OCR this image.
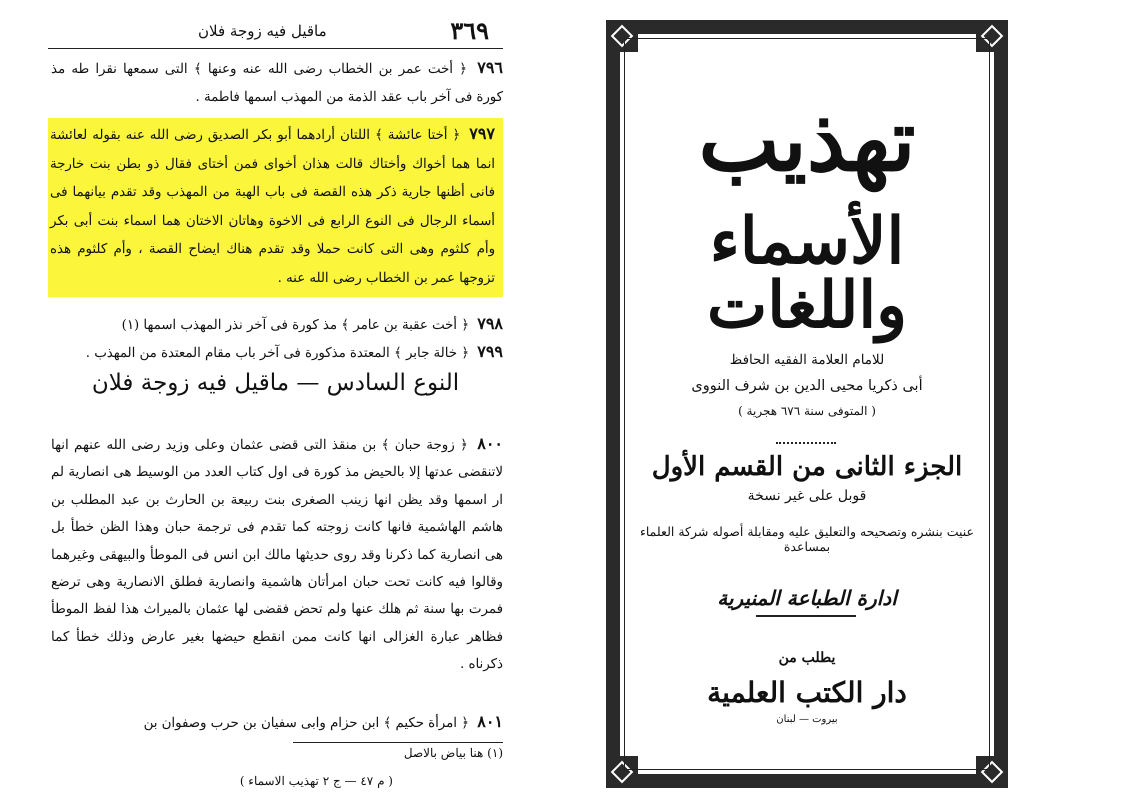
٣٦٩
ماقيل فيه زوجة فلان
٧٩٦ ﴿ أخت عمر بن الخطاب رضى الله عنه وعنها ﴾ التى سمعها نقرا طه مذ كورة فى آخر باب عقد الذمة من المهذب اسمها فاطمة .
٧٩٧ ﴿ أختا عائشة ﴾ اللتان أرادهما أبو بكر الصديق رضى الله عنه بقوله لعائشة انما هما أخواك وأختاك قالت هذان أخواى فمن أختاى فقال ذو بطن بنت خارجة فانى أظنها جارية ذكر هذه القصة فى باب الهبة من المهذب وقد تقدم بيانهما فى أسماء الرجال فى النوع الرابع فى الاخوة وهاتان الاختان هما اسماء بنت أبى بكر وأم كلثوم وهى التى كانت حملا وقد تقدم هناك ايضاح القصة ، وأم كلثوم هذه تزوجها عمر بن الخطاب رضى الله عنه .
٧٩٨ ﴿ أخت عقبة بن عامر ﴾ مذ كورة فى آخر نذر المهذب اسمها (١)
٧٩٩ ﴿ خالة جابر ﴾ المعتدة مذكورة فى آخر باب مقام المعتدة من المهذب .
النوع السادس — ماقيل فيه زوجة فلان
٨٠٠ ﴿ زوجة حبان ﴾ بن منقذ التى قضى عثمان وعلى وزيد رضى الله عنهم انها لاتنقضى عدتها إلا بالحيض مذ كورة فى اول كتاب العدد من الوسيط هى انصارية لم ار اسمها وقد يظن انها زينب الصغرى بنت ربيعة بن الحارث بن عبد المطلب بن هاشم الهاشمية فانها كانت زوجته كما تقدم فى ترجمة حبان وهذا الظن خطأ بل هى انصارية كما ذكرنا وقد روى حديثها مالك ابن انس فى الموطأ والبيهقى وغيرهما وقالوا فيه كانت تحت حبان امرأتان هاشمية وانصارية فطلق الانصارية وهى ترضع فمرت بها سنة ثم هلك عنها ولم تحض فقضى لها عثمان بالميراث هذا لفظ الموطأ فظاهر عبارة الغزالى انها كانت ممن انقطع حيضها بغير عارض وذلك خطأ كما ذكرناه .
٨٠١ ﴿ امرأة حكيم ﴾ ابن حزام وابى سفيان بن حرب وصفوان بن
(١) هنا بياض بالاصل
( م ٤٧ — ج ٢ تهذيب الاسماء )
تهذيب
الأسماء واللغات
للامام العلامة الفقيه الحافظ
أبى ذكريا محيى الدين بن شرف النووى
( المتوفى سنة ٦٧٦ هجرية )
الجزء الثانى من القسم الأول
قوبل على غير نسخة
عنيت بنشره وتصحيحه والتعليق عليه ومقابلة أصوله شركة العلماء بمساعدة
ادارة الطباعة المنيرية
يطلب من
دار الكتب العلمية
بيروت — لبنان
